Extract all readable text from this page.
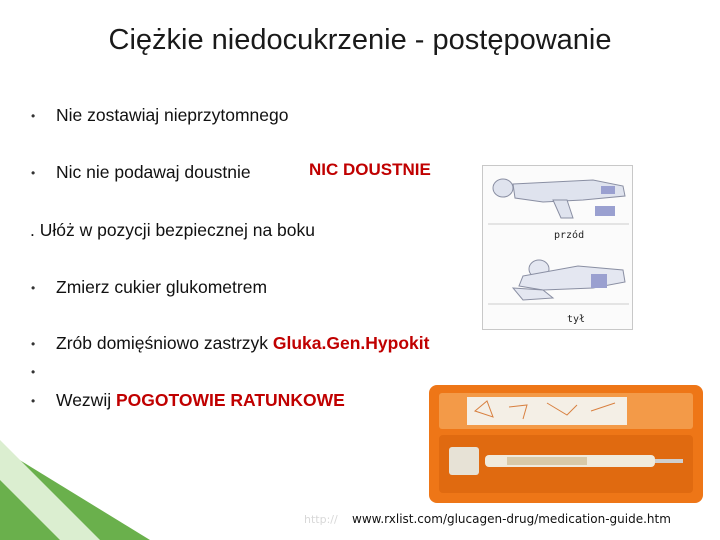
Ciężkie niedocukrzenie - postępowanie
• Nie zostawiaj nieprzytomnego
• Nic nie podawaj doustnie	NIC DOUSTNIE
. Ułóż w pozycji bezpiecznej na boku
• Zmierz cukier glukometrem
• Zrób domięśniowo zastrzyk Gluka.Gen.Hypokit
•
• Wezwij POGOTOWIE RATUNKOWE
przód
tył
http:// www.rxlist.com/glucagen-drug/medication-guide.htm
